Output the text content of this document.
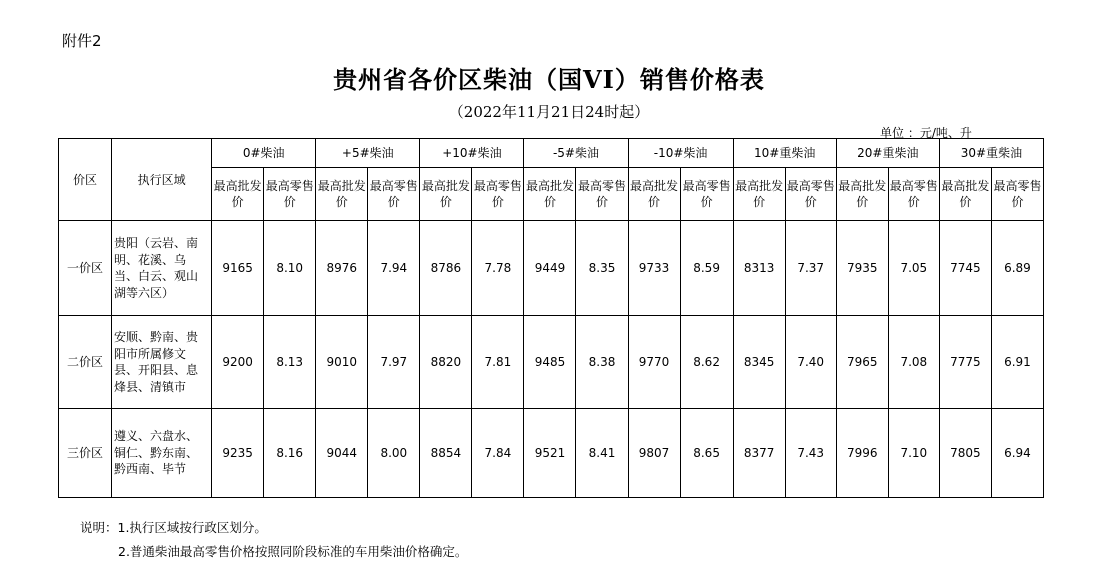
附件2
贵州省各价区柴油（国VI）销售价格表
（2022年11月21日24时起）
单位 ：元/吨、升
价区	执行区域	0#柴油		+5#柴油		+10#柴油		-5#柴油		-10#柴油		10#重柴油		20#重柴油		30#重柴油	
		最高批发价	最高零售价	最高批发价	最高零售价	最高批发价	最高零售价	最高批发价	最高零售价	最高批发价	最高零售价	最高批发价	最高零售价	最高批发价	最高零售价	最高批发价	最高零售价
一价区	贵阳（云岩、南明、花溪、乌当、白云、观山湖等六区）	9165	8.10	8976	7.94	8786	7.78	9449	8.35	9733	8.59	8313	7.37	7935	7.05	7745	6.89
二价区	安顺、黔南、贵阳市所属修文县、开阳县、息烽县、清镇市	9200	8.13	9010	7.97	8820	7.81	9485	8.38	9770	8.62	8345	7.40	7965	7.08	7775	6.91
三价区	遵义、六盘水、铜仁、黔东南、黔西南、毕节	9235	8.16	9044	8.00	8854	7.84	9521	8.41	9807	8.65	8377	7.43	7996	7.10	7805	6.94
说明：1.执行区域按行政区划分。
2.普通柴油最高零售价格按照同阶段标准的车用柴油价格确定。
